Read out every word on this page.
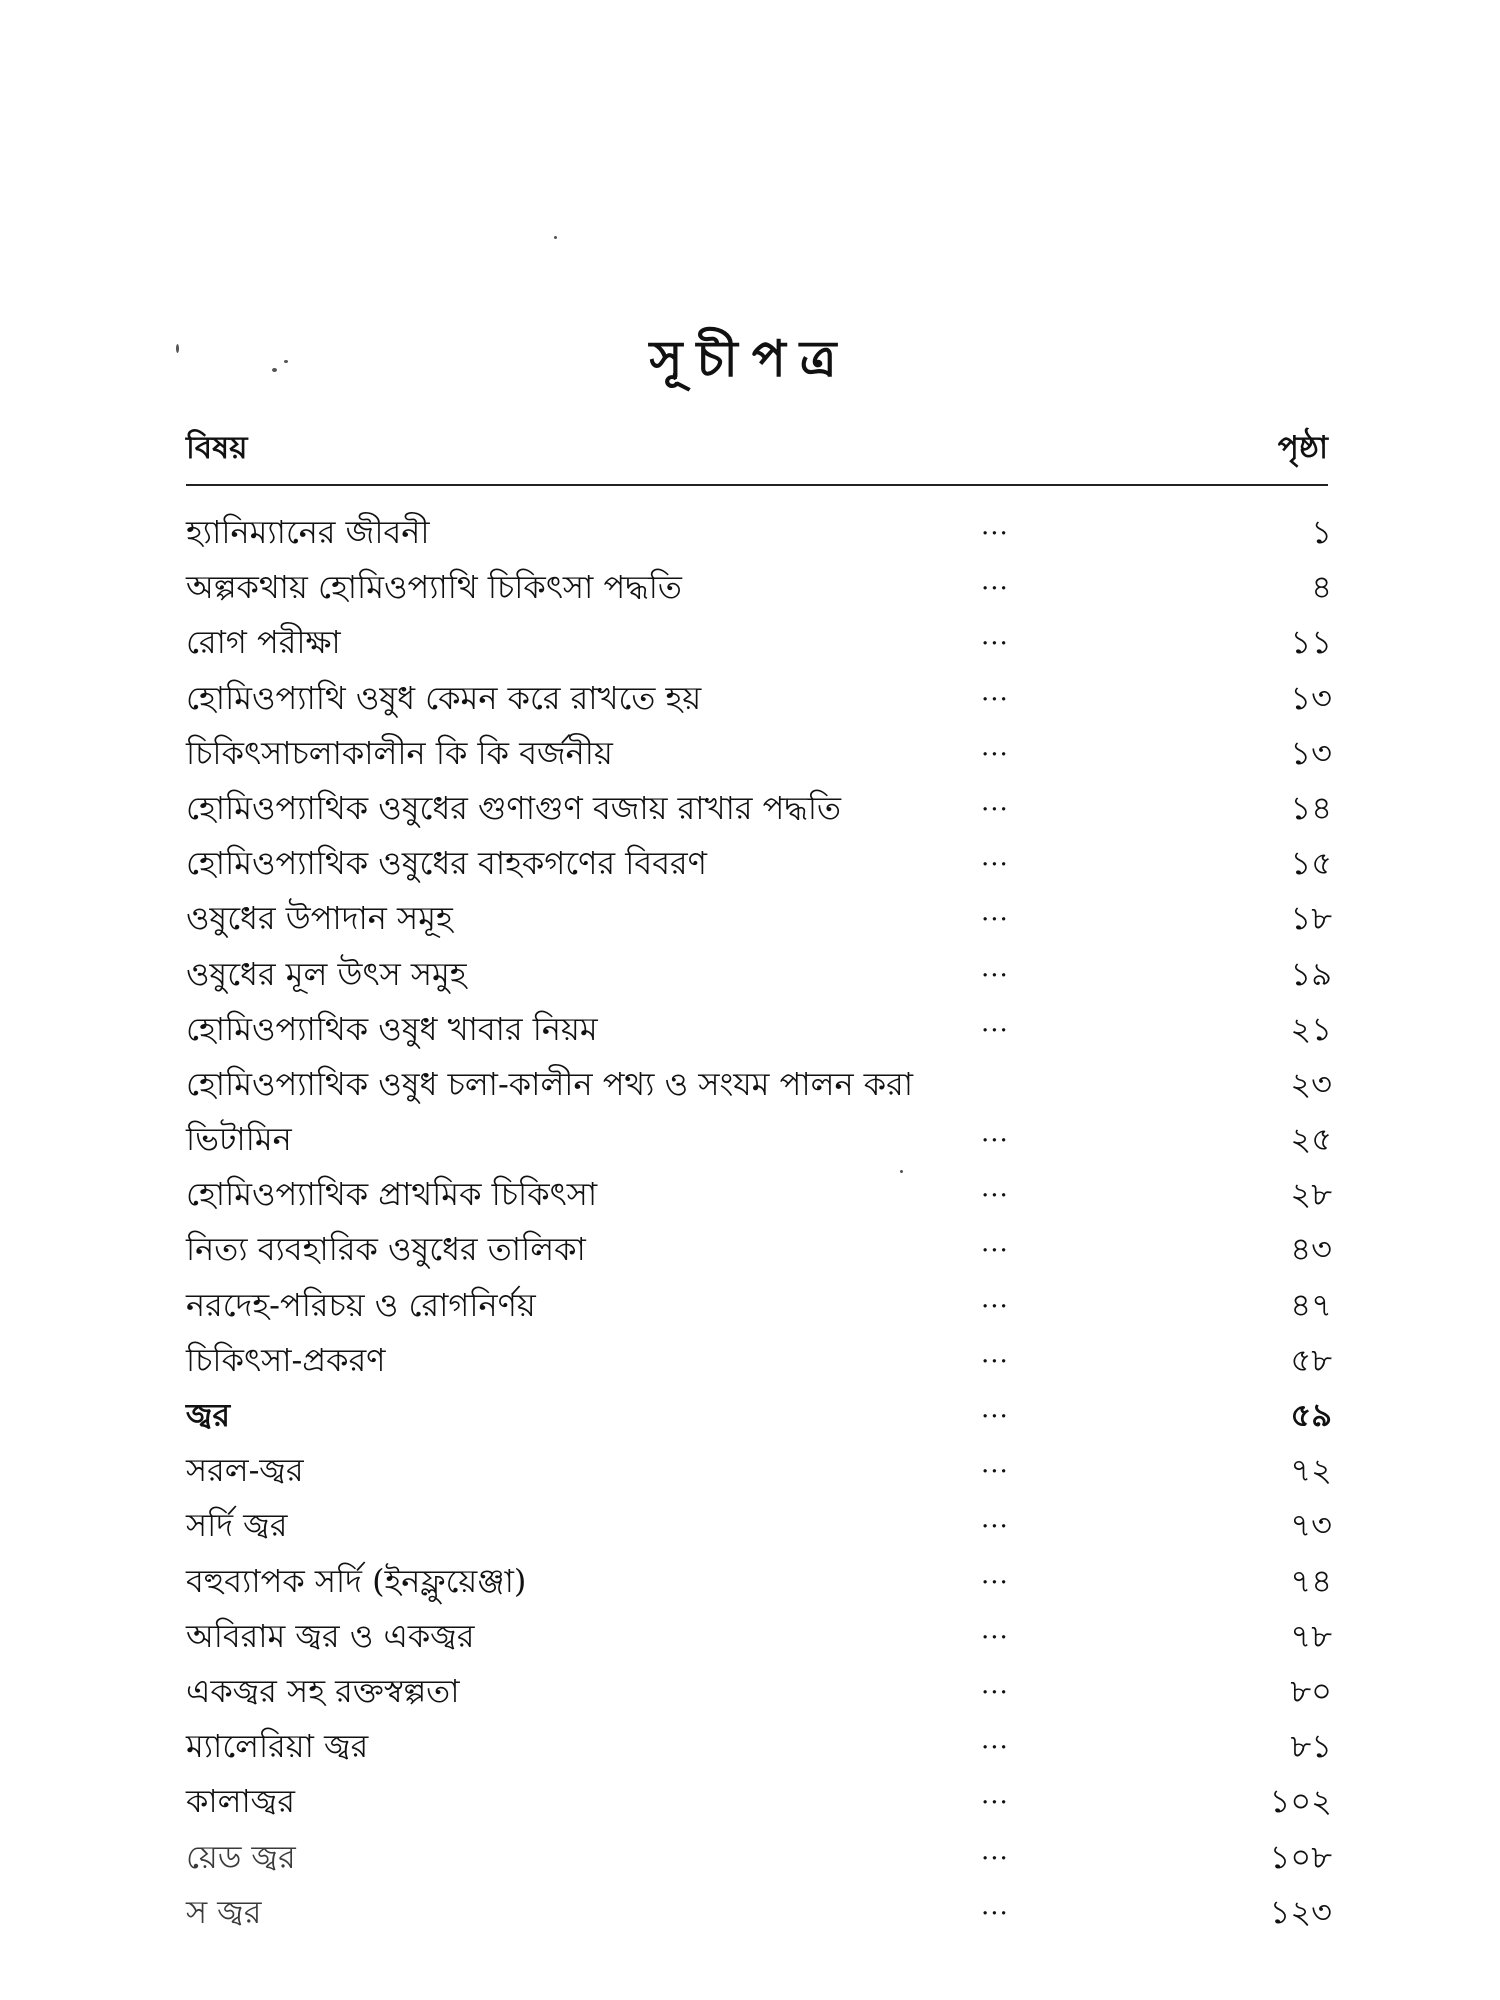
সূচীপত্র
বিষয়	পৃষ্ঠা
হ্যানিম্যানের জীবনী	...	১
অল্পকথায় হোমিওপ্যাথি চিকিৎসা পদ্ধতি	...	৪
রোগ পরীক্ষা	...	১১
হোমিওপ্যাথি ওষুধ কেমন করে রাখতে হয়	...	১৩
চিকিৎসাচলাকালীন কি কি বর্জনীয়	...	১৩
হোমিওপ্যাথিক ওষুধের গুণাগুণ বজায় রাখার পদ্ধতি	...	১৪
হোমিওপ্যাথিক ওষুধের বাহকগণের বিবরণ	...	১৫
ওষুধের উপাদান সমূহ	...	১৮
ওষুধের মূল উৎস সমুহ	...	১৯
হোমিওপ্যাথিক ওষুধ খাবার নিয়ম	...	২১
হোমিওপ্যাথিক ওষুধ চলা-কালীন পথ্য ও সংযম পালন করা	২৩
ভিটামিন	...	২৫
হোমিওপ্যাথিক প্রাথমিক চিকিৎসা	...	২৮
নিত্য ব্যবহারিক ওষুধের তালিকা	...	৪৩
নরদেহ-পরিচয় ও রোগনির্ণয়	...	৪৭
চিকিৎসা-প্রকরণ	...	৫৮
জ্বর	...	৫৯
সরল-জ্বর	...	৭২
সর্দি জ্বর	...	৭৩
বহুব্যাপক সর্দি (ইনফ্লুয়েঞ্জা)	...	৭৪
অবিরাম জ্বর ও একজ্বর	...	৭৮
একজ্বর সহ রক্তস্বল্পতা	...	৮০
ম্যালেরিয়া জ্বর	...	৮১
কালাজ্বর	...	১০২
য়েড জ্বর	...	১০৮
স জ্বর	...	১২৩
